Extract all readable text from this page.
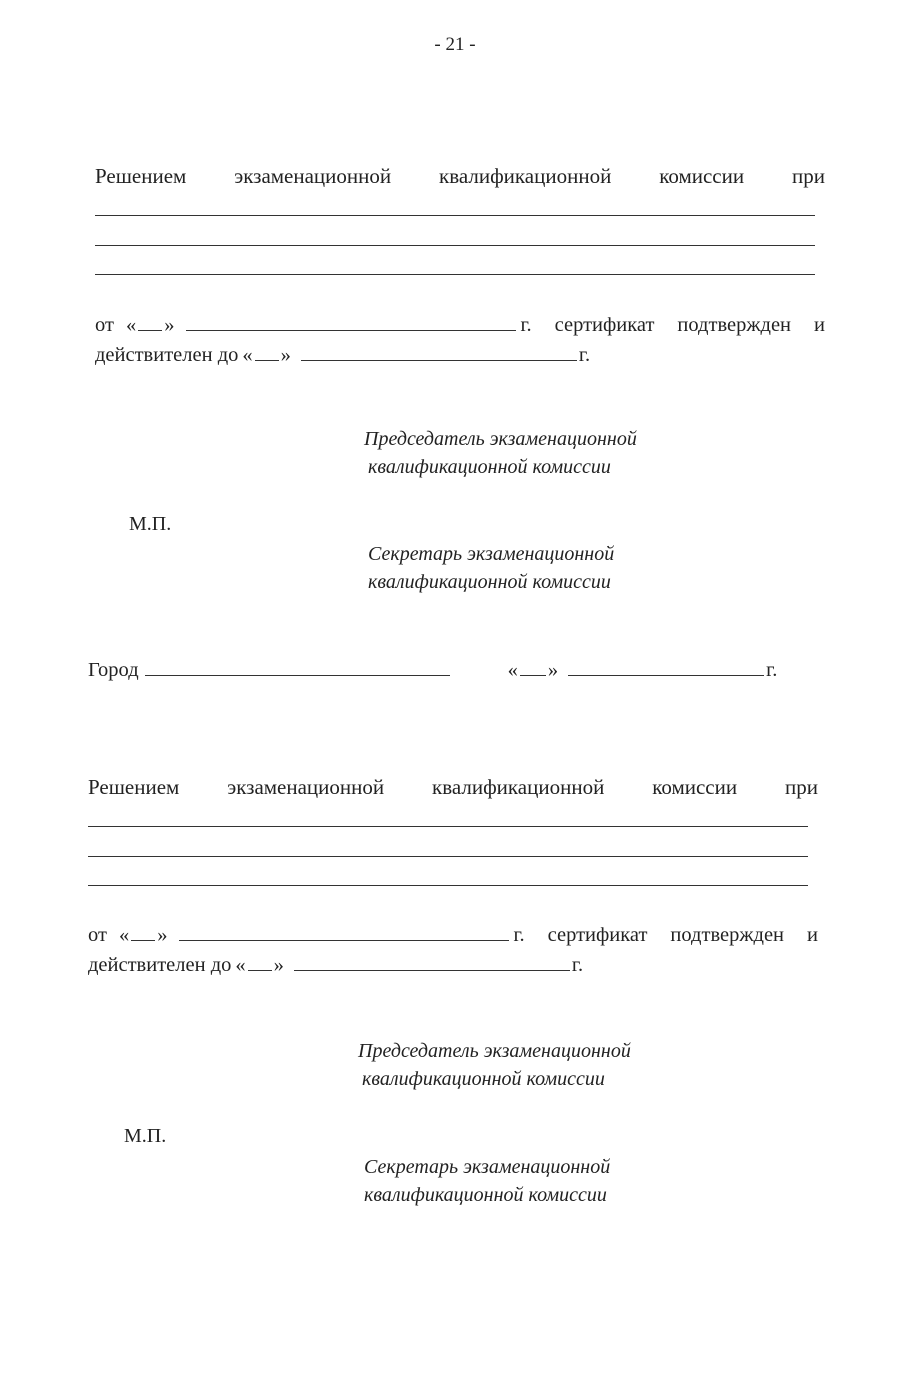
- 21 -
Решением экзаменационной квалификационной комиссии при
от « »	г. сертификат подтвержден и
действителен до « »	г.
Председатель экзаменационной
квалификационной комиссии
М.П.
Секретарь экзаменационной
квалификационной комиссии
Город	« »	г.
Решением экзаменационной квалификационной комиссии при
от « »	г. сертификат подтвержден и
действителен до « »	г.
Председатель экзаменационной
квалификационной комиссии
М.П.
Секретарь экзаменационной
квалификационной комиссии
